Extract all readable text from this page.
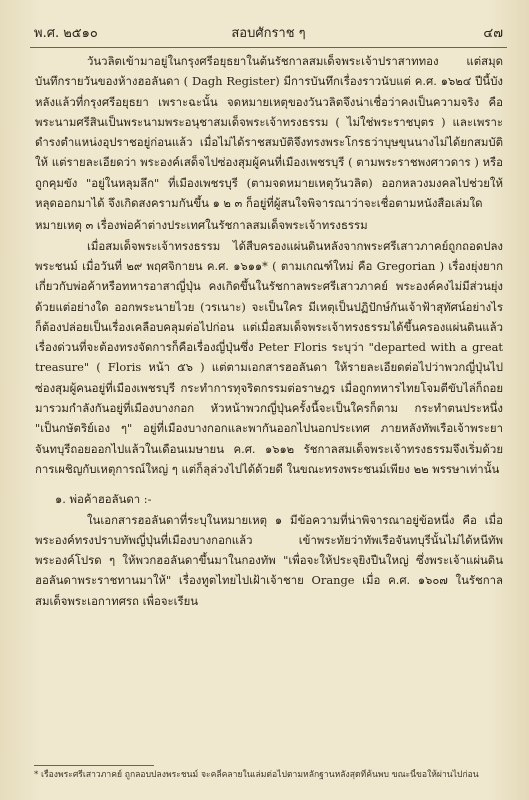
พ.ศ. ๒๕๑๐	สอบศักราช ๆ	๔๗

วันวลิตเข้ามาอยู่ในกรุงศรีอยุธยาในต้นรัชกาลสมเด็จพระเจ้าปราสาททอง แต่สมุดบันทึกรายวันของห้างฮอลันดา ( Dagh Register) มีการบันทึกเรื่องราวนับแต่ ค.ศ. ๑๖๒๔ ปีนี้บังหลังแล้วที่กรุงศรีอยุธยา เพราะฉะนั้น จดหมายเหตุของวันวลิตจึงน่าเชื่อว่าคงเป็นความจริง คือพระนามศรีสินเป็นพระนามพระอนุชาสมเด็จพระเจ้าทรงธรรม ( ไม่ใช่พระราชบุตร ) และเพราะดำรงตำแหน่งอุปราชอยู่ก่อนแล้ว เมื่อไม่ได้ราชสมบัติจึงทรงพระโกรธว่าบุษขุนนางไม่ได้ยกสมบัติให้ แต่รายละเอียดว่า พระองค์เสด็จไปซ่องสุมผู้คนที่เมืองเพชรบุรี ( ตามพระราชพงศาวดาร ) หรือ ถูกคุมขัง "อยู่ในหลุมลึก" ที่เมืองเพชรบุรี (ตามจดหมายเหตุวันวลิต) ออกหลวงมงคลไปช่วยให้หลุดออกมาได้ จึงเกิดสงครามกันขึ้น ๑ ๒ ๓ ก็อยู่ที่ผู้สนใจพิจารณาว่าจะเชื่อตามหนังสือเล่มใด

หมายเหตุ ๓ เรื่องพ่อค้าต่างประเทศในรัชกาลสมเด็จพระเจ้าทรงธรรม

เมื่อสมเด็จพระเจ้าทรงธรรม ได้สืบครองแผ่นดินหลังจากพระศรีเสาวภาคย์ถูกถอดปลงพระชนม์ เมื่อวันที่ ๒๙ พฤศจิกายน ค.ศ. ๑๖๑๑* ( ตามเกณฑ์ใหม่ คือ Gregorian ) เรื่องยุ่งยากเกี่ยวกับพ่อค้าหรือทหารอาสาญี่ปุ่น คงเกิดขึ้นในรัชกาลพระศรีเสาวภาคย์ พระองค์คงไม่มีส่วนยุ่งด้วยแต่อย่างใด ออกพระนายไวย (วรเนาะ) จะเป็นใคร มีเหตุเป็นปฏิปักษ์กันเจ้าฟ้าสุทัศน์อย่างไร ก็ต้องปล่อยเป็นเรื่องเคลือบคลุมต่อไปก่อน แต่เมื่อสมเด็จพระเจ้าทรงธรรมได้ขึ้นครองแผ่นดินแล้ว เรื่องด่วนที่จะต้องทรงจัดการก็คือเรื่องญี่ปุ่นซึ่ง Peter Floris ระบุว่า "departed with a great treasure" ( Floris หน้า ๕๖ ) แต่ตามเอกสารฮอลันดา ให้รายละเอียดต่อไปว่าพวกญี่ปุ่นไปซ่องสุมผู้คนอยู่ที่เมืองเพชรบุรี กระทำการทุจริตกรรมต่อราษฎร เมื่อถูกทหารไทยโจมตีขับไล่ก็ถอยมารวมกำลังกันอยู่ที่เมืองบางกอก หัวหน้าพวกญี่ปุ่นครั้งนี้จะเป็นใครก็ตาม กระทำตนประหนึ่ง "เป็นกษัตริย์เอง ๆ" อยู่ที่เมืองบางกอกและพากันออกไปนอกประเทศ ภายหลังทัพเรือเจ้าพระยาจันทบุรีถอยออกไปแล้วในเดือนเมษายน ค.ศ. ๑๖๑๒ รัชกาลสมเด็จพระเจ้าทรงธรรมจึงเริ่มด้วยการเผชิญกับเหตุการณ์ใหญ่ ๆ แต่ก็ลุล่วงไปได้ด้วยดี ในขณะทรงพระชนม์เพียง ๒๒ พรรษาเท่านั้น

๑. พ่อค้าฮอลันดา :-

ในเอกสารฮอลันดาที่ระบุในหมายเหตุ ๑ มีข้อความที่น่าพิจารณาอยู่ข้อหนึ่ง คือ เมื่อพระองค์ทรงปราบทัพญี่ปุ่นที่เมืองบางกอกแล้ว เข้าพระทัยว่าทัพเรือจันทบุรีนั้นไม่ได้หนีทัพ พระองค์โปรด ๆ ให้พวกฮอลันดาขึ้นมาในกองทัพ "เพื่อจะให้ประจุยิงปืนใหญ่ ซึ่งพระเจ้าแผ่นดินฮอลันดาพระราชทานมาให้" เรื่องทูตไทยไปเฝ้าเจ้าชาย Orange เมื่อ ค.ศ. ๑๖๐๗ ในรัชกาลสมเด็จพระเอกาทศรถ เพื่อจะเรียน

* เรื่องพระศรีเสาวภาคย์ ถูกลอบปลงพระชนม์ จะคลี่คลายในเล่มต่อไปตามหลักฐานหลังสุดที่ค้นพบ ขณะนี้ขอให้ผ่านไปก่อน
